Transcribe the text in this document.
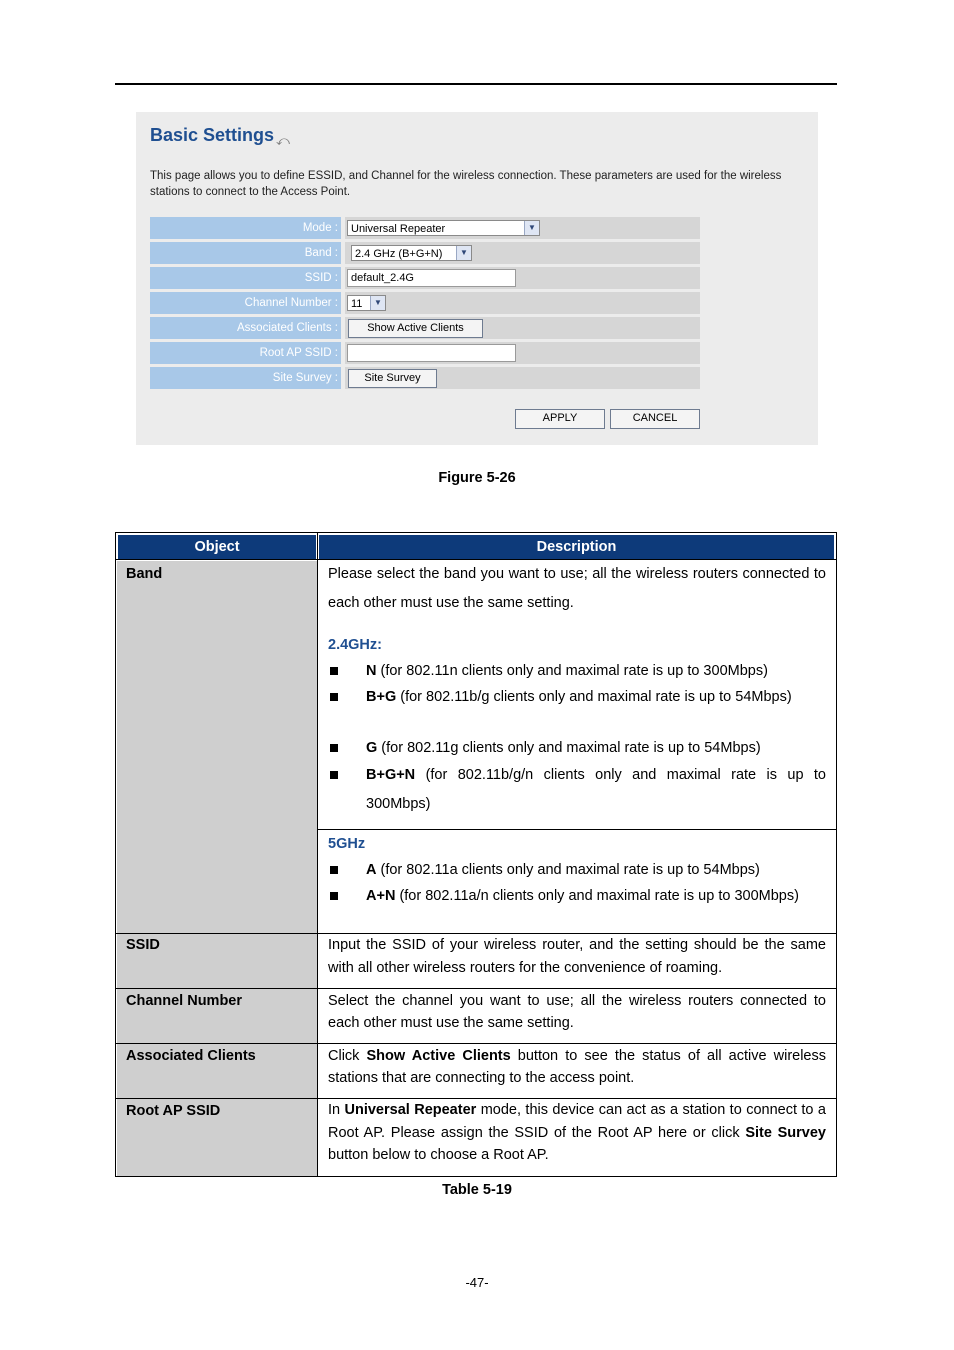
Basic Settings ⤺
This page allows you to define ESSID, and Channel for the wireless connection. These parameters are used for the wireless stations to connect to the Access Point.
Mode :	Universal Repeater	▼
Band :	2.4 GHz (B+G+N)	▼
SSID :	default_2.4G
Channel Number :	11	▼
Associated Clients :	Show Active Clients
Root AP SSID :
Site Survey :	Site Survey
APPLY	CANCEL
Figure 5-26
Object	Description
Band	Please select the band you want to use; all the wireless routers connected to each other must use the same setting.
2.4GHz:
N (for 802.11n clients only and maximal rate is up to 300Mbps)
B+G (for 802.11b/g clients only and maximal rate is up to 54Mbps)
G (for 802.11g clients only and maximal rate is up to 54Mbps)
B+G+N (for 802.11b/g/n clients only and maximal rate is up to 300Mbps)
5GHz
A (for 802.11a clients only and maximal rate is up to 54Mbps)
A+N (for 802.11a/n clients only and maximal rate is up to 300Mbps)
SSID	Input the SSID of your wireless router, and the setting should be the same with all other wireless routers for the convenience of roaming.
Channel Number	Select the channel you want to use; all the wireless routers connected to each other must use the same setting.
Associated Clients	Click Show Active Clients button to see the status of all active wireless stations that are connecting to the access point.
Root AP SSID	In Universal Repeater mode, this device can act as a station to connect to a Root AP. Please assign the SSID of the Root AP here or click Site Survey button below to choose a Root AP.
Table 5-19
-47-
